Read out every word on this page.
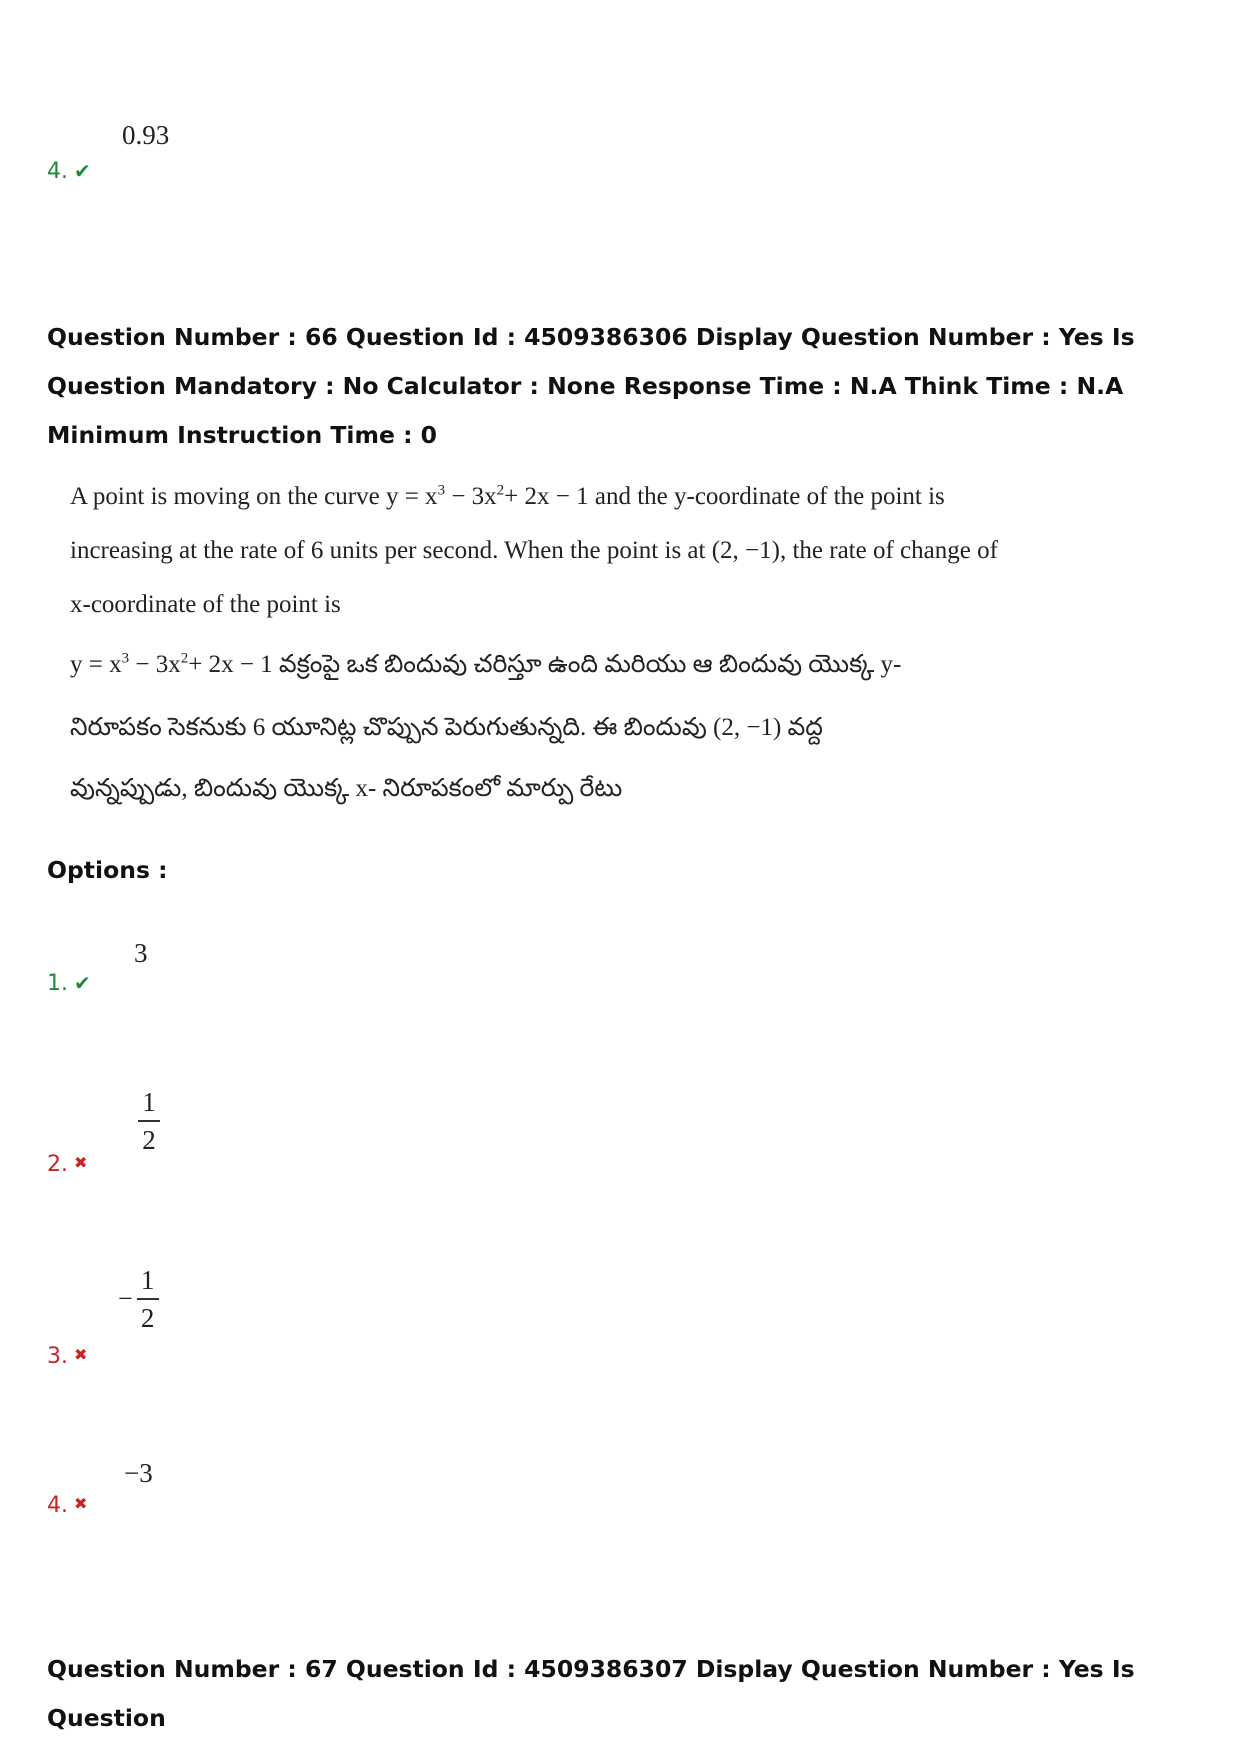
0.93
4. ✔
Question Number : 66 Question Id : 4509386306 Display Question Number : Yes Is Question Mandatory : No Calculator : None Response Time : N.A Think Time : N.A Minimum Instruction Time : 0
A point is moving on the curve $y = x^3 - 3x^2+ 2x - 1$ and the y-coordinate of the point is
increasing at the rate of 6 units per second. When the point is at (2, −1), the rate of change of
x-coordinate of the point is
$y = x^3 - 3x^2+ 2x - 1$ వక్రంపై ఒక బిందువు చరిస్తూ ఉంది మరియు ఆ బిందువు యొక్క y-
నిరూపకం సెకనుకు 6 యూనిట్ల చొప్పున పెరుగుతున్నది. ఈ బిందువు (2, −1) వద్ద
వున్నప్పుడు, బిందువు యొక్క x- నిరూపకంలో మార్పు రేటు
Options :
3
1. ✔
1
2
2. ✖
−
1
2
3. ✖
−3
4. ✖
Question Number : 67 Question Id : 4509386307 Display Question Number : Yes Is Question
